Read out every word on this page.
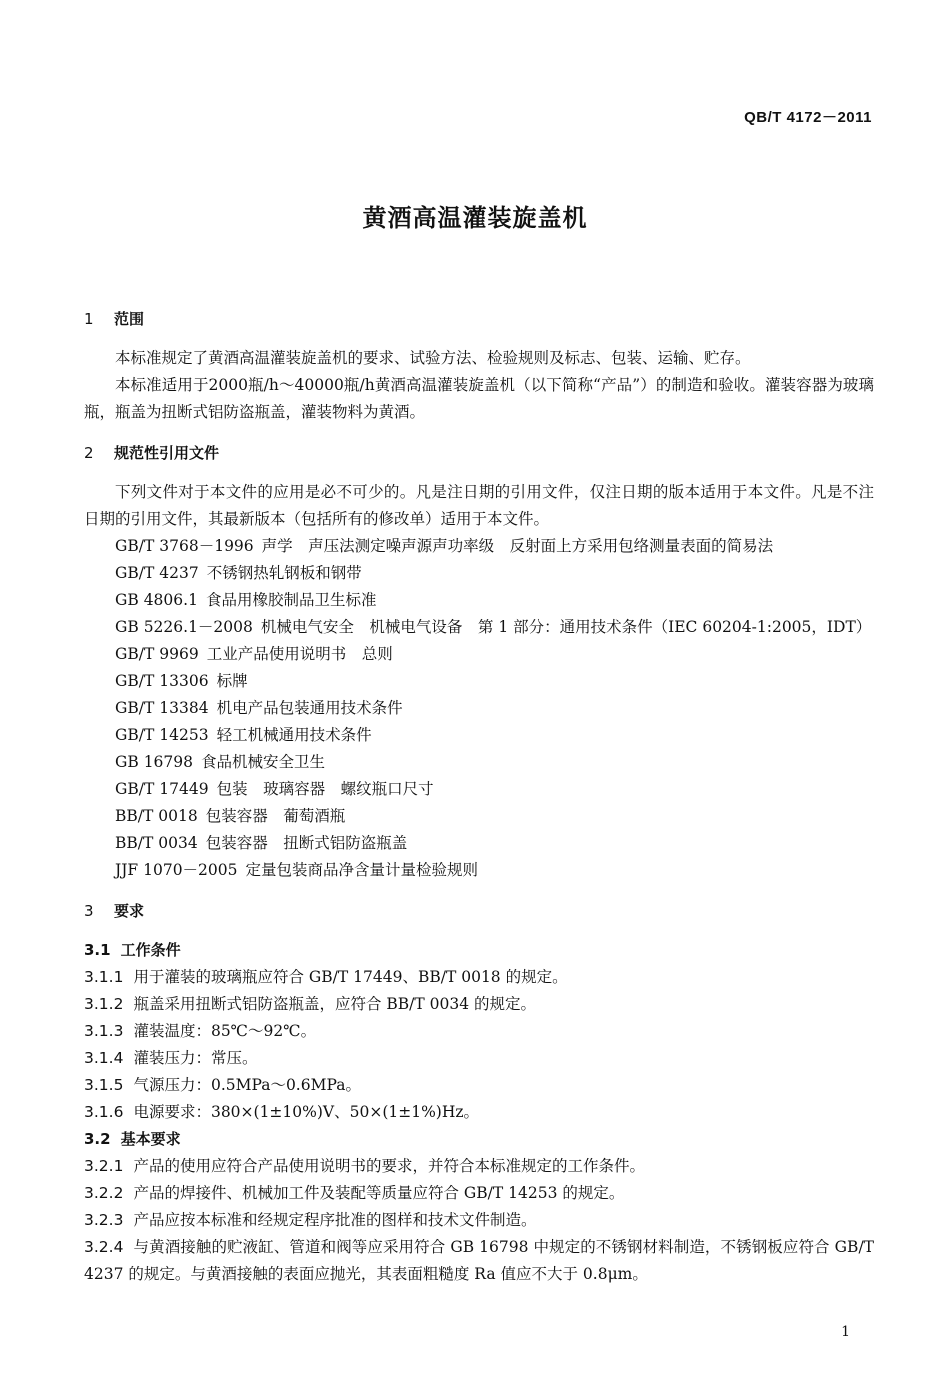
QB/T 4172－2011
黄酒高温灌装旋盖机
1 范围

本标准规定了黄酒高温灌装旋盖机的要求、试验方法、检验规则及标志、包装、运输、贮存。

本标准适用于2000瓶/h～40000瓶/h黄酒高温灌装旋盖机（以下简称“产品”）的制造和验收。灌装容器为玻璃瓶，瓶盖为扭断式铝防盗瓶盖，灌装物料为黄酒。

2 规范性引用文件

下列文件对于本文件的应用是必不可少的。凡是注日期的引用文件，仅注日期的版本适用于本文件。凡是不注日期的引用文件，其最新版本（包括所有的修改单）适用于本文件。

GB/T 3768－1996 声学　声压法测定噪声源声功率级　反射面上方采用包络测量表面的简易法

GB/T 4237 不锈钢热轧钢板和钢带

GB 4806.1 食品用橡胶制品卫生标准

GB 5226.1－2008 机械电气安全　机械电气设备　第 1 部分：通用技术条件（IEC 60204-1:2005，IDT）

GB/T 9969 工业产品使用说明书　总则

GB/T 13306 标牌

GB/T 13384 机电产品包装通用技术条件

GB/T 14253 轻工机械通用技术条件

GB 16798 食品机械安全卫生

GB/T 17449 包装　玻璃容器　螺纹瓶口尺寸

BB/T 0018 包装容器　葡萄酒瓶

BB/T 0034 包装容器　扭断式铝防盗瓶盖

JJF 1070－2005 定量包装商品净含量计量检验规则

3 要求

3.1 工作条件

3.1.1 用于灌装的玻璃瓶应符合 GB/T 17449、BB/T 0018 的规定。

3.1.2 瓶盖采用扭断式铝防盗瓶盖，应符合 BB/T 0034 的规定。

3.1.3 灌装温度：85℃～92℃。

3.1.4 灌装压力：常压。

3.1.5 气源压力：0.5MPa～0.6MPa。

3.1.6 电源要求：380×(1±10%)V、50×(1±1%)Hz。

3.2 基本要求

3.2.1 产品的使用应符合产品使用说明书的要求，并符合本标准规定的工作条件。

3.2.2 产品的焊接件、机械加工件及装配等质量应符合 GB/T 14253 的规定。

3.2.3 产品应按本标准和经规定程序批准的图样和技术文件制造。

3.2.4 与黄酒接触的贮液缸、管道和阀等应采用符合 GB 16798 中规定的不锈钢材料制造，不锈钢板应符合 GB/T 4237 的规定。与黄酒接触的表面应抛光，其表面粗糙度 Ra 值应不大于 0.8μm。

1
